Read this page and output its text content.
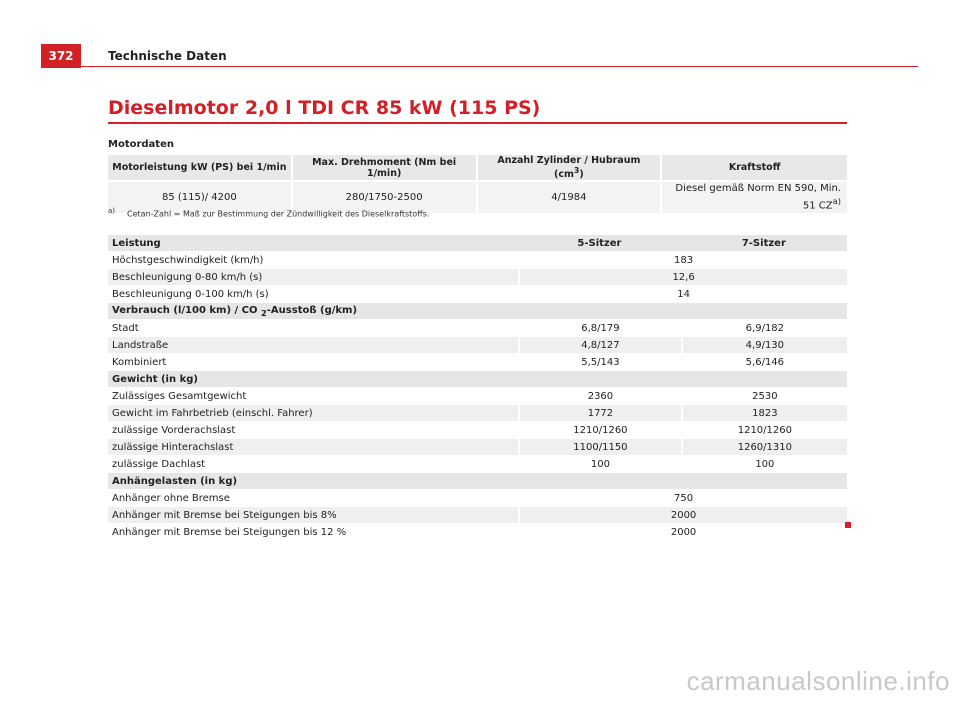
372	Technische Daten
Dieselmotor 2,0 l TDI CR 85 kW (115 PS)
Motordaten
Motorleistung kW (PS) bei 1/min	Max. Drehmoment (Nm bei 1/min)	Anzahl Zylinder / Hubraum $(cm^3)$	Kraftstoff
85 (115)/ 4200	280/1750-2500	4/1984	Diesel gemäß Norm EN 590, Min. 51 CZ$^{a)}$
a) Cetan-Zahl = Maß zur Bestimmung der Zündwilligkeit des Dieselkraftstoffs.
Leistung	5-Sitzer	7-Sitzer
Höchstgeschwindigkeit (km/h)	183	
Beschleunigung 0-80 km/h (s)	12,6	
Beschleunigung 0-100 km/h (s)	14	
Verbrauch (l/100 km) / CO $_2$-Ausstoß (g/km)		
Stadt	6,8/179	6,9/182
Landstraße	4,8/127	4,9/130
Kombiniert	5,5/143	5,6/146
Gewicht (in kg)		
Zulässiges Gesamtgewicht	2360	2530
Gewicht im Fahrbetrieb (einschl. Fahrer)	1772	1823
zulässige Vorderachslast	1210/1260	1210/1260
zulässige Hinterachslast	1100/1150	1260/1310
zulässige Dachlast	100	100
Anhängelasten (in kg)		
Anhänger ohne Bremse	750	
Anhänger mit Bremse bei Steigungen bis 8%	2000	
Anhänger mit Bremse bei Steigungen bis 12 %	2000	
carmanualsonline.info
